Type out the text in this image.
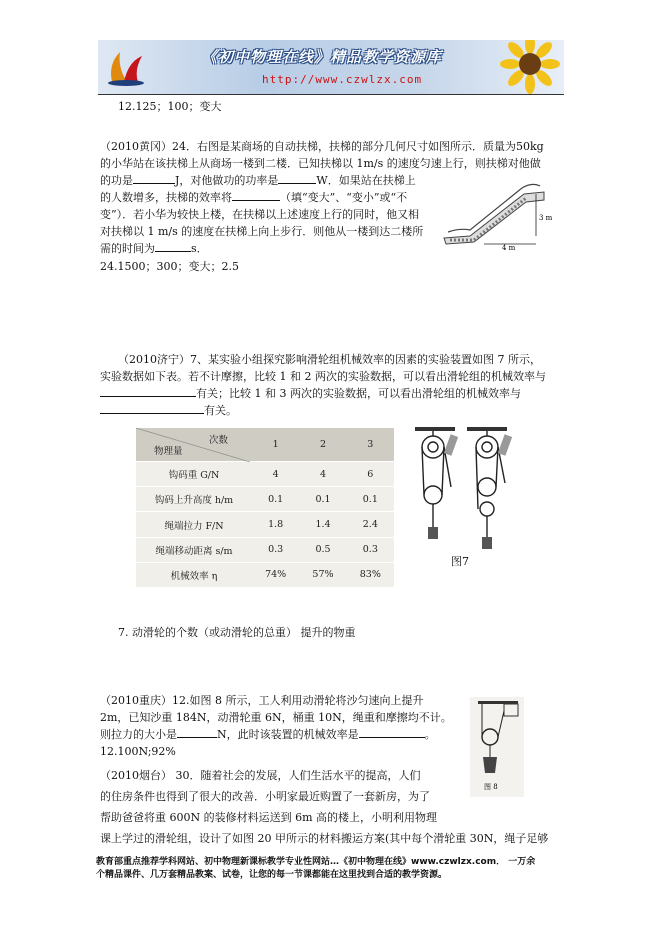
《初中物理在线》精品教学资源库
http://www.czwlzx.com
12.125；100；变大
（2010黄冈）24．右图是某商场的自动扶梯，扶梯的部分几何尺寸如图所示．质量为50kg
的小华站在该扶梯上从商场一楼到二楼．已知扶梯以 1m/s 的速度匀速上行，则扶梯对他做
的功是	J，对他做功的功率是	W．如果站在扶梯上
的人数增多，扶梯的效率将	（填“变大”、“变小”或“不
变”）．若小华为较快上楼，在扶梯以上述速度上行的同时，他又相
对扶梯以 1 m/s 的速度在扶梯上向上步行．则他从一楼到达二楼所
需的时间为	s．
24.1500；300；变大；2.5
3 m
4 m
（2010济宁）7、某实验小组探究影响滑轮组机械效率的因素的实验装置如图 7 所示，
实验数据如下表。若不计摩擦，比较 1 和 2 两次的实验数据，可以看出滑轮组的机械效率与
有关；比较 1 和 3 两次的实验数据，可以看出滑轮组的机械效率与
有关。
次数
物理量	1	2	3
钩码重 G/N	4	4	6
钩码上升高度 h/m	0.1	0.1	0.1
绳端拉力 F/N	1.8	1.4	2.4
绳端移动距离 s/m	0.3	0.5	0.3
机械效率 η	74%	57%	83%
图7
7. 动滑轮的个数（或动滑轮的总重） 提升的物重
（2010重庆）12.如图 8 所示，工人利用动滑轮将沙匀速向上提升
2m，已知沙重 184N，动滑轮重 6N，桶重 10N，绳重和摩擦均不计。
则拉力的大小是	N，此时该装置的机械效率是	。
12.100N;92%
图 8
（2010烟台） 30．随着社会的发展，人们生活水平的提高，人们
的住房条件也得到了很大的改善．小明家最近购置了一套新房，为了
帮助爸爸将重 600N 的装修材料运送到 6m 高的楼上，小明利用物理
课上学过的滑轮组，设计了如图 20 甲所示的材料搬运方案(其中每个滑轮重 30N，绳子足够
教育部重点推荐学科网站、初中物理新课标教学专业性网站…《初中物理在线》www.czwlzx.com． 一万余
个精品课件、几万套精品教案、试卷，让您的每一节课都能在这里找到合适的教学资源。
